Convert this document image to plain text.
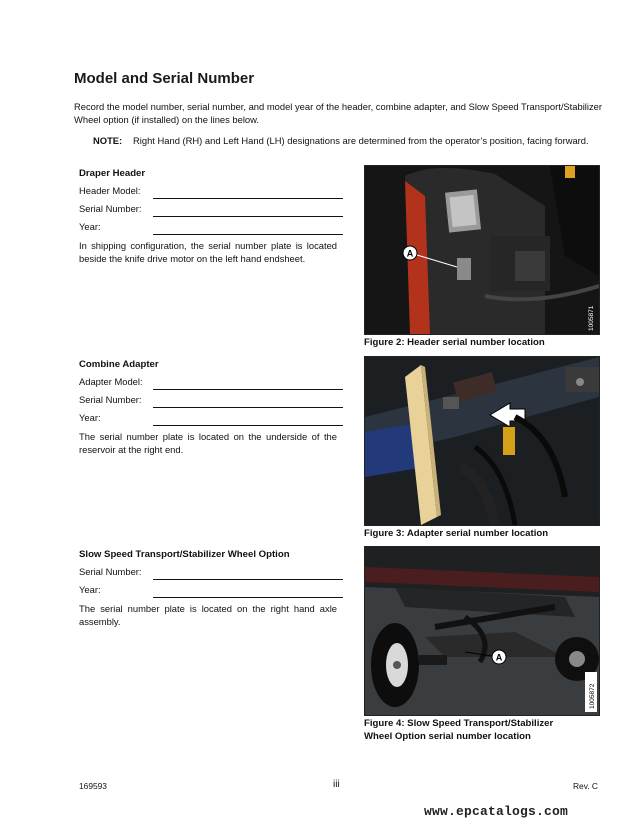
Model and Serial Number
Record the model number, serial number, and model year of the header, combine adapter, and Slow Speed Transport/Stabilizer Wheel option (if installed) on the lines below.
NOTE: Right Hand (RH) and Left Hand (LH) designations are determined from the operator’s position, facing forward.
Draper Header
Header Model:
Serial Number:
Year:
In shipping configuration, the serial number plate is located beside the knife drive motor on the left hand endsheet.	A
1005871
Figure 2: Header serial number location
Combine Adapter
Adapter Model:
Serial Number:
Year:
The serial number plate is located on the underside of the reservoir at the right end.
Figure 3: Adapter serial number location
Slow Speed Transport/Stabilizer Wheel Option
Serial Number:
Year:
The serial number plate is located on the right hand axle assembly.
A
1005872
Figure 4: Slow Speed Transport/Stabilizer
Wheel Option serial number location
169593	iii	Rev. C
www.epcatalogs.com
